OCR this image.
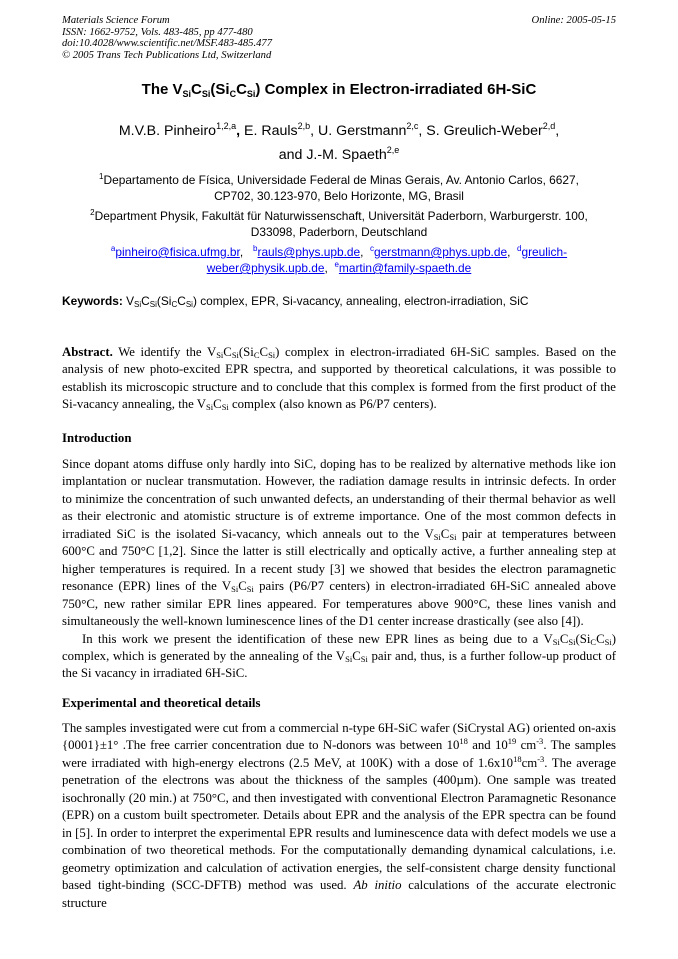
Materials Science Forum
ISSN: 1662-9752, Vols. 483-485, pp 477-480
doi:10.4028/www.scientific.net/MSF.483-485.477
© 2005 Trans Tech Publications Ltd, Switzerland
Online: 2005-05-15
The $V_{Si}C_{Si}(Si_CC_{Si})$ Complex in Electron-irradiated 6H-SiC
M.V.B. Pinheiro$^{1,2,a}$, E. Rauls$^{2,b}$, U. Gerstmann$^{2,c}$, S. Greulich-Weber$^{2,d}$,
and J.-M. Spaeth$^{2,e}$
$^1$Departamento de Física, Universidade Federal de Minas Gerais, Av. Antonio Carlos, 6627,
CP702, 30.123-970, Belo Horizonte, MG, Brasil
$^2$Department Physik, Fakultät für Naturwissenschaft, Universität Paderborn, Warburgerstr. 100,
D33098, Paderborn, Deutschland
$^a$pinheiro@fisica.ufmg.br,   $^b$rauls@phys.upb.de,  $^c$gerstmann@phys.upb.de,  $^d$greulich-
weber@physik.upb.de,  $^e$martin@family-spaeth.de
Keywords: $V_{Si}C_{Si}(Si_CC_{Si})$ complex, EPR, Si-vacancy, annealing, electron-irradiation, SiC
Abstract. We identify the $V_{Si}C_{Si}(Si_CC_{Si})$ complex in electron-irradiated 6H-SiC samples. Based on the analysis of new photo-excited EPR spectra, and supported by theoretical calculations, it was possible to establish its microscopic structure and to conclude that this complex is formed from the first product of the Si-vacancy annealing, the $V_{Si}C_{Si}$ complex (also known as P6/P7 centers).
Introduction
Since dopant atoms diffuse only hardly into SiC, doping has to be realized by alternative methods like ion implantation or nuclear transmutation. However, the radiation damage results in intrinsic defects. In order to minimize the concentration of such unwanted defects, an understanding of their thermal behavior as well as their electronic and atomistic structure is of extreme importance. One of the most common defects in irradiated SiC is the isolated Si-vacancy, which anneals out to the $V_{Si}C_{Si}$ pair at temperatures between 600°C and 750°C [1,2]. Since the latter is still electrically and optically active, a further annealing step at higher temperatures is required. In a recent study [3] we showed that besides the electron paramagnetic resonance (EPR) lines of the $V_{Si}C_{Si}$ pairs (P6/P7 centers) in electron-irradiated 6H-SiC annealed above 750°C, new rather similar EPR lines appeared. For temperatures above 900°C, these lines vanish and simultaneously the well-known luminescence lines of the D1 center increase drastically (see also [4]).
In this work we present the identification of these new EPR lines as being due to a $V_{Si}C_{Si}(Si_CC_{Si})$ complex, which is generated by the annealing of the $V_{Si}C_{Si}$ pair and, thus, is a further follow-up product of the Si vacancy in irradiated 6H-SiC.
Experimental and theoretical details
The samples investigated were cut from a commercial n-type 6H-SiC wafer (SiCrystal AG) oriented on-axis {0001}±1° .The free carrier concentration due to N-donors was between $10^{18}$ and $10^{19}$ $cm^{-3}$. The samples were irradiated with high-energy electrons (2.5 MeV, at 100K) with a dose of $1.6x10^{18}cm^{-3}$. The average penetration of the electrons was about the thickness of the samples (400µm). One sample was treated isochronally (20 min.) at 750°C, and then investigated with conventional Electron Paramagnetic Resonance (EPR) on a custom built spectrometer. Details about EPR and the analysis of the EPR spectra can be found in [5]. In order to interpret the experimental EPR results and luminescence data with defect models we use a combination of two theoretical methods. For the computationally demanding dynamical calculations, i.e. geometry optimization and calculation of activation energies, the self-consistent charge density functional based tight-binding (SCC-DFTB) method was used. Ab initio calculations of the accurate electronic structure
